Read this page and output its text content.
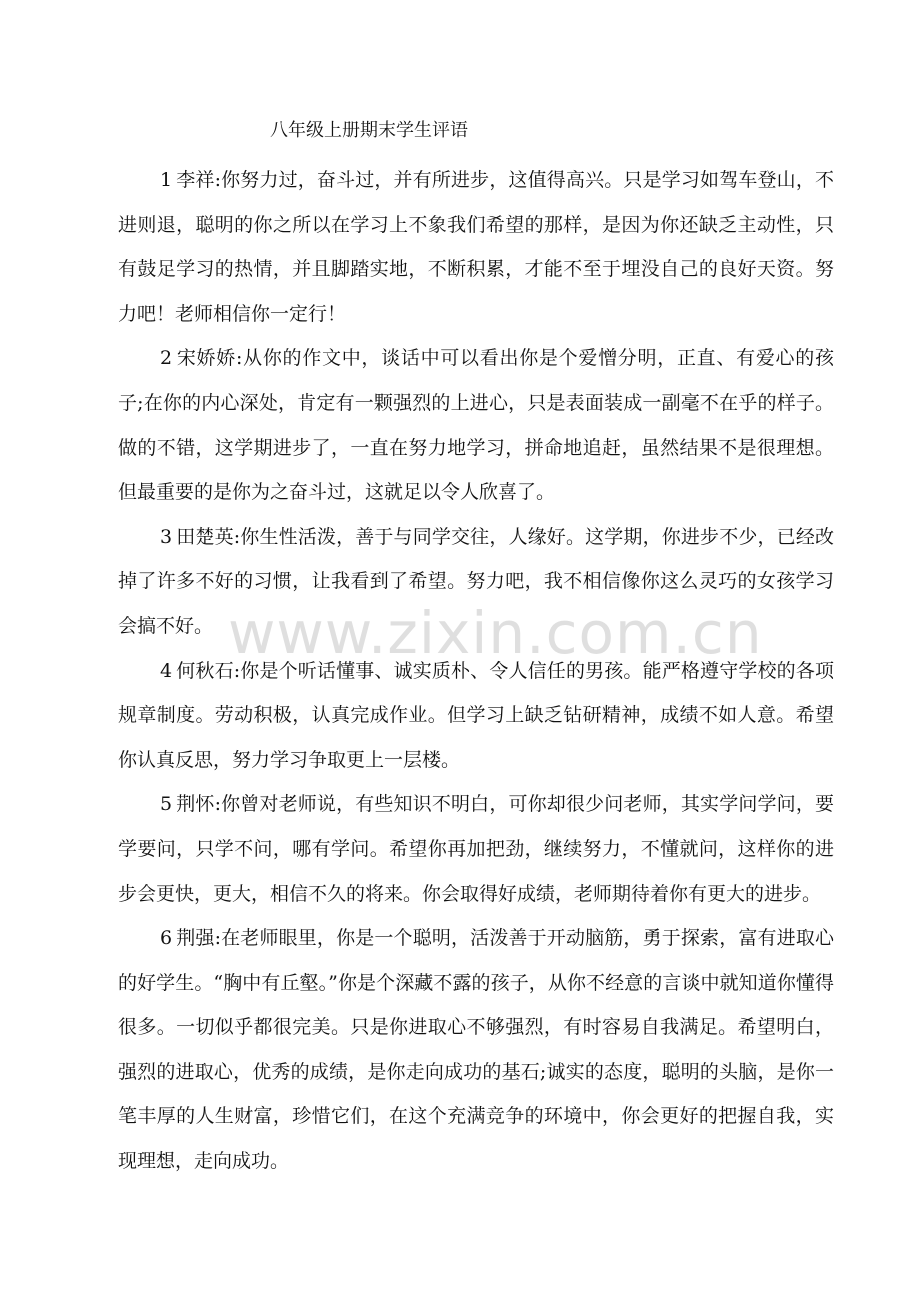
八年级上册期末学生评语

1 李祥:你努力过，奋斗过，并有所进步，这值得高兴。只是学习如驾车登山，不进则退，聪明的你之所以在学习上不象我们希望的那样，是因为你还缺乏主动性，只有鼓足学习的热情，并且脚踏实地，不断积累，才能不至于埋没自己的良好天资。努力吧！老师相信你一定行！

2 宋娇娇:从你的作文中，谈话中可以看出你是个爱憎分明，正直、有爱心的孩子;在你的内心深处，肯定有一颗强烈的上进心，只是表面装成一副毫不在乎的样子。做的不错，这学期进步了，一直在努力地学习，拼命地追赶，虽然结果不是很理想。但最重要的是你为之奋斗过，这就足以令人欣喜了。

3 田楚英:你生性活泼，善于与同学交往，人缘好。这学期，你进步不少，已经改掉了许多不好的习惯，让我看到了希望。努力吧，我不相信像你这么灵巧的女孩学习会搞不好。

4 何秋石:你是个听话懂事、诚实质朴、令人信任的男孩。能严格遵守学校的各项规章制度。劳动积极，认真完成作业。但学习上缺乏钻研精神，成绩不如人意。希望你认真反思，努力学习争取更上一层楼。

5 荆怀:你曾对老师说，有些知识不明白，可你却很少问老师，其实学问学问，要学要问，只学不问，哪有学问。希望你再加把劲，继续努力，不懂就问，这样你的进步会更快，更大，相信不久的将来。你会取得好成绩，老师期待着你有更大的进步。

6 荆强:在老师眼里，你是一个聪明，活泼善于开动脑筋，勇于探索，富有进取心的好学生。“胸中有丘壑。”你是个深藏不露的孩子，从你不经意的言谈中就知道你懂得很多。一切似乎都很完美。只是你进取心不够强烈，有时容易自我满足。希望明白，强烈的进取心，优秀的成绩，是你走向成功的基石;诚实的态度，聪明的头脑，是你一笔丰厚的人生财富，珍惜它们，在这个充满竞争的环境中，你会更好的把握自我，实现理想，走向成功。

www.zixin.com.cn
